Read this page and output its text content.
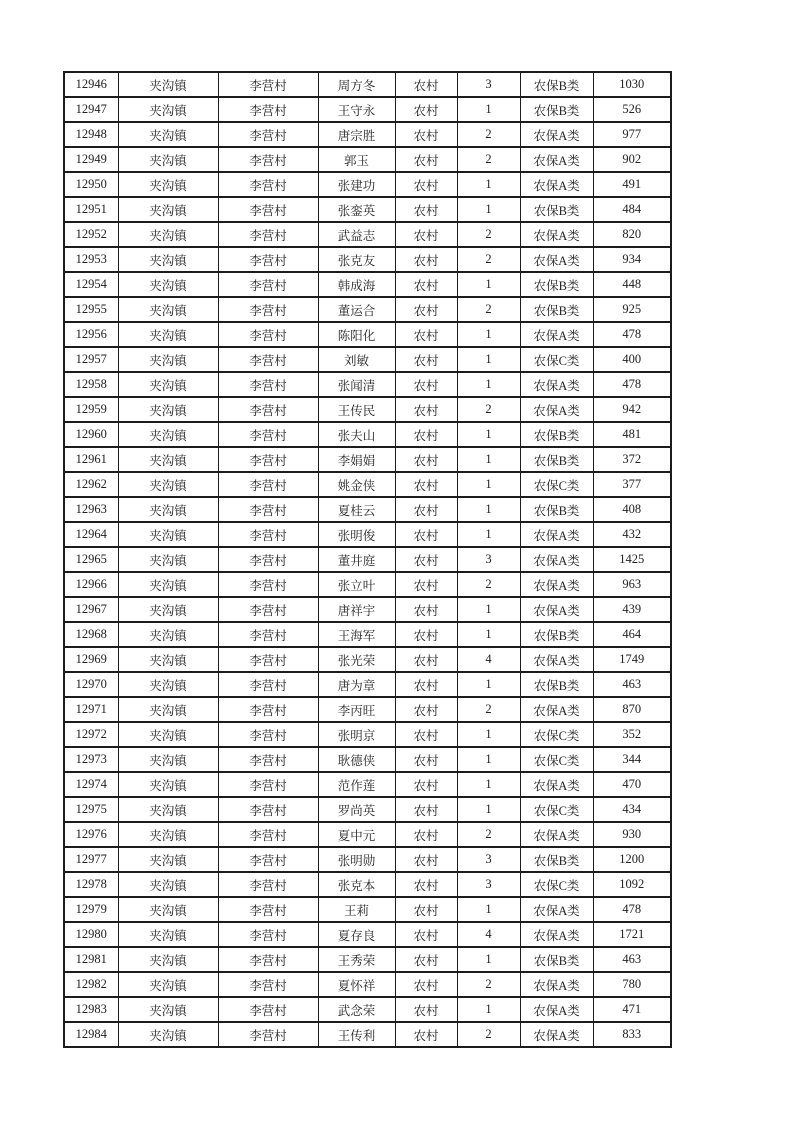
12946	夹沟镇	李营村	周方冬	农村	3	农保B类	1030
12947	夹沟镇	李营村	王守永	农村	1	农保B类	526
12948	夹沟镇	李营村	唐宗胜	农村	2	农保A类	977
12949	夹沟镇	李营村	郭玉	农村	2	农保A类	902
12950	夹沟镇	李营村	张建功	农村	1	农保A类	491
12951	夹沟镇	李营村	张銮英	农村	1	农保B类	484
12952	夹沟镇	李营村	武益志	农村	2	农保A类	820
12953	夹沟镇	李营村	张克友	农村	2	农保A类	934
12954	夹沟镇	李营村	韩成海	农村	1	农保B类	448
12955	夹沟镇	李营村	董运合	农村	2	农保B类	925
12956	夹沟镇	李营村	陈阳化	农村	1	农保A类	478
12957	夹沟镇	李营村	刘敏	农村	1	农保C类	400
12958	夹沟镇	李营村	张闻清	农村	1	农保A类	478
12959	夹沟镇	李营村	王传民	农村	2	农保A类	942
12960	夹沟镇	李营村	张夫山	农村	1	农保B类	481
12961	夹沟镇	李营村	李娟娟	农村	1	农保B类	372
12962	夹沟镇	李营村	姚金侠	农村	1	农保C类	377
12963	夹沟镇	李营村	夏桂云	农村	1	农保B类	408
12964	夹沟镇	李营村	张明俊	农村	1	农保A类	432
12965	夹沟镇	李营村	董井庭	农村	3	农保A类	1425
12966	夹沟镇	李营村	张立叶	农村	2	农保A类	963
12967	夹沟镇	李营村	唐祥宇	农村	1	农保A类	439
12968	夹沟镇	李营村	王海军	农村	1	农保B类	464
12969	夹沟镇	李营村	张光荣	农村	4	农保A类	1749
12970	夹沟镇	李营村	唐为章	农村	1	农保B类	463
12971	夹沟镇	李营村	李丙旺	农村	2	农保A类	870
12972	夹沟镇	李营村	张明京	农村	1	农保C类	352
12973	夹沟镇	李营村	耿德侠	农村	1	农保C类	344
12974	夹沟镇	李营村	范作莲	农村	1	农保A类	470
12975	夹沟镇	李营村	罗尚英	农村	1	农保C类	434
12976	夹沟镇	李营村	夏中元	农村	2	农保A类	930
12977	夹沟镇	李营村	张明勋	农村	3	农保B类	1200
12978	夹沟镇	李营村	张克本	农村	3	农保C类	1092
12979	夹沟镇	李营村	王莉	农村	1	农保A类	478
12980	夹沟镇	李营村	夏存良	农村	4	农保A类	1721
12981	夹沟镇	李营村	王秀荣	农村	1	农保B类	463
12982	夹沟镇	李营村	夏怀祥	农村	2	农保A类	780
12983	夹沟镇	李营村	武念荣	农村	1	农保A类	471
12984	夹沟镇	李营村	王传利	农村	2	农保A类	833
